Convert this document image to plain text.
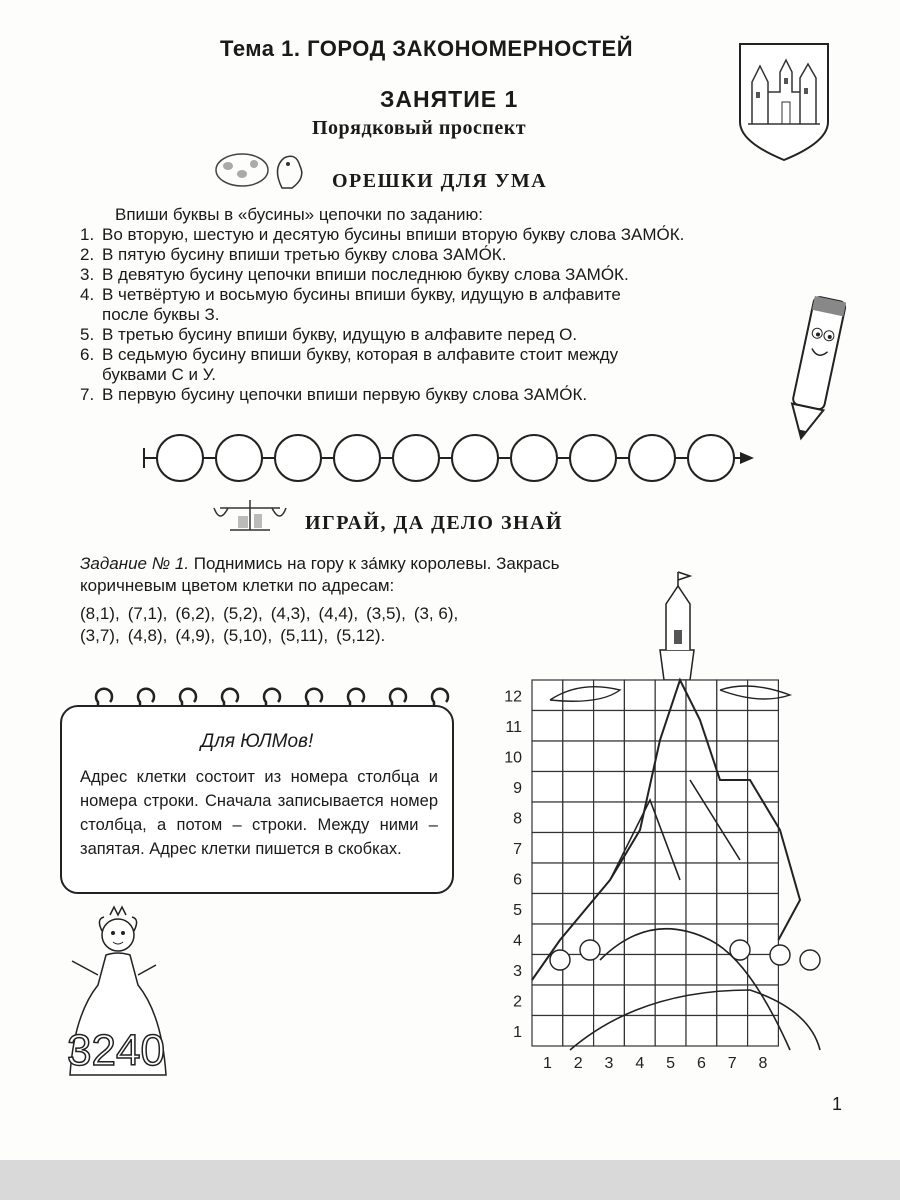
Тема 1. ГОРОД ЗАКОНОМЕРНОСТЕЙ
ЗАНЯТИЕ 1
Порядковый проспект
ОРЕШКИ ДЛЯ УМА
Впиши буквы в «бусины» цепочки по заданию:
1. Во вторую, шестую и десятую бусины впиши вторую букву слова ЗАМО́К.
2. В пятую бусину впиши третью букву слова ЗАМО́К.
3. В девятую бусину цепочки впиши последнюю букву слова ЗАМО́К.
4. В четвёртую и восьмую бусины впиши букву, идущую в алфавите
после буквы З.
5. В третью бусину впиши букву, идущую в алфавите перед О.
6. В седьмую бусину впиши букву, которая в алфавите стоит между
буквами С и У.
7. В первую бусину цепочки впиши первую букву слова ЗАМО́К.
ИГРАЙ, ДА ДЕЛО ЗНАЙ
Задание № 1. Поднимись на гору к за́мку королевы. Закрась коричневым цветом клетки по адресам:
(8,1), (7,1), (6,2), (5,2), (4,3), (4,4), (3,5), (3, 6),(3,7), (4,8), (4,9), (5,10), (5,11), (5,12).
Для ЮЛМов!
Адрес клетки состоит из номера столбца и номера строки. Сначала записывается номер столбца, а потом – строки. Между ними – запятая. Адрес клетки пишется в скобках.
3240	1
2
3
4
5
6
7
8
9
10
11
12
1 2 3 4 5 6 7 8
1
